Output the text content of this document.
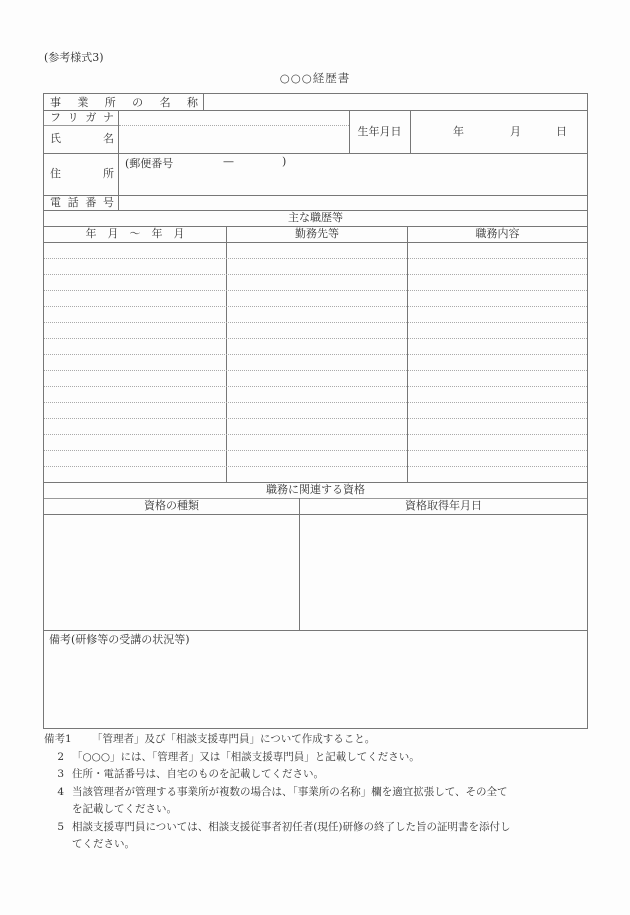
(参考様式3)
○○○経歴書
事 業 所 の 名 称
フ リ ガ ナ
氏	名
生年月日	年	月	日
住	所
(郵便番号	—	)
電 話 番 号
主な職歴等
年　月　～　年　月	勤務先等	職務内容
職務に関連する資格
資格の種類	資格取得年月日
備考(研修等の受講の状況等)
備考1	「管理者」及び「相談支援専門員」について作成すること。
2 「○○○」には、「管理者」又は「相談支援専門員」と記載してください。
3 住所・電話番号は、自宅のものを記載してください。
4 当該管理者が管理する事業所が複数の場合は、「事業所の名称」欄を適宜拡張して、その全て
を記載してください。
5 相談支援専門員については、相談支援従事者初任者(現任)研修の終了した旨の証明書を添付し
てください。
